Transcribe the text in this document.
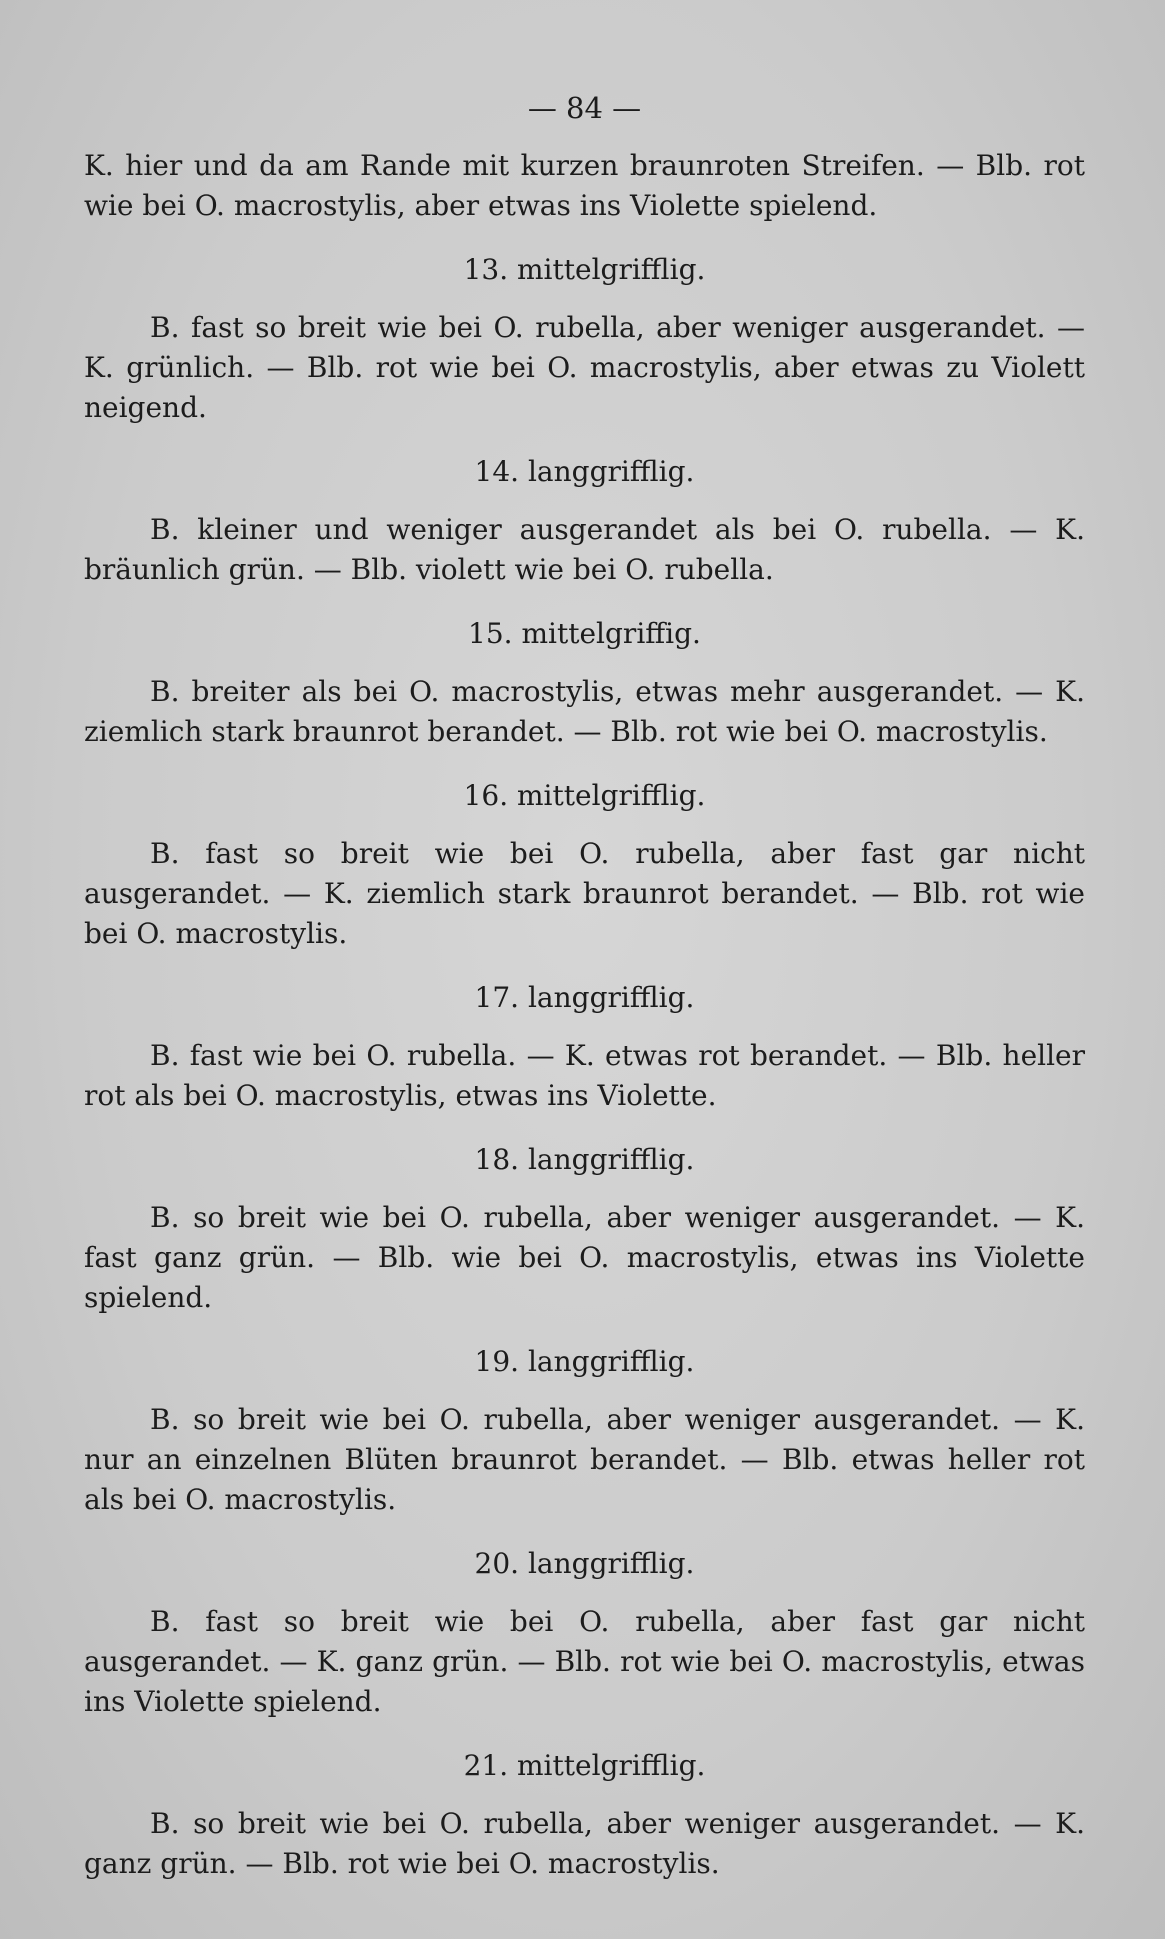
— 84 —

K. hier und da am Rande mit kurzen braunroten Streifen. — Blb. rot wie bei O. macrostylis, aber etwas ins Violette spielend.

13. mittelgrifflig.

B. fast so breit wie bei O. rubella, aber weniger ausgerandet. — K. grünlich. — Blb. rot wie bei O. macrostylis, aber etwas zu Violett neigend.

14. langgrifflig.

B. kleiner und weniger ausgerandet als bei O. rubella. — K. bräunlich grün. — Blb. violett wie bei O. rubella.

15. mittelgriffig.

B. breiter als bei O. macrostylis, etwas mehr ausgerandet. — K. ziemlich stark braunrot berandet. — Blb. rot wie bei O. macrostylis.

16. mittelgrifflig.

B. fast so breit wie bei O. rubella, aber fast gar nicht ausgerandet. — K. ziemlich stark braunrot berandet. — Blb. rot wie bei O. macrostylis.

17. langgrifflig.

B. fast wie bei O. rubella. — K. etwas rot berandet. — Blb. heller rot als bei O. macrostylis, etwas ins Violette.

18. langgrifflig.

B. so breit wie bei O. rubella, aber weniger ausgerandet. — K. fast ganz grün. — Blb. wie bei O. macrostylis, etwas ins Violette spielend.

19. langgrifflig.

B. so breit wie bei O. rubella, aber weniger ausgerandet. — K. nur an einzelnen Blüten braunrot berandet. — Blb. etwas heller rot als bei O. macrostylis.

20. langgrifflig.

B. fast so breit wie bei O. rubella, aber fast gar nicht ausgerandet. — K. ganz grün. — Blb. rot wie bei O. macrostylis, etwas ins Violette spielend.

21. mittelgrifflig.

B. so breit wie bei O. rubella, aber weniger ausgerandet. — K. ganz grün. — Blb. rot wie bei O. macrostylis.
